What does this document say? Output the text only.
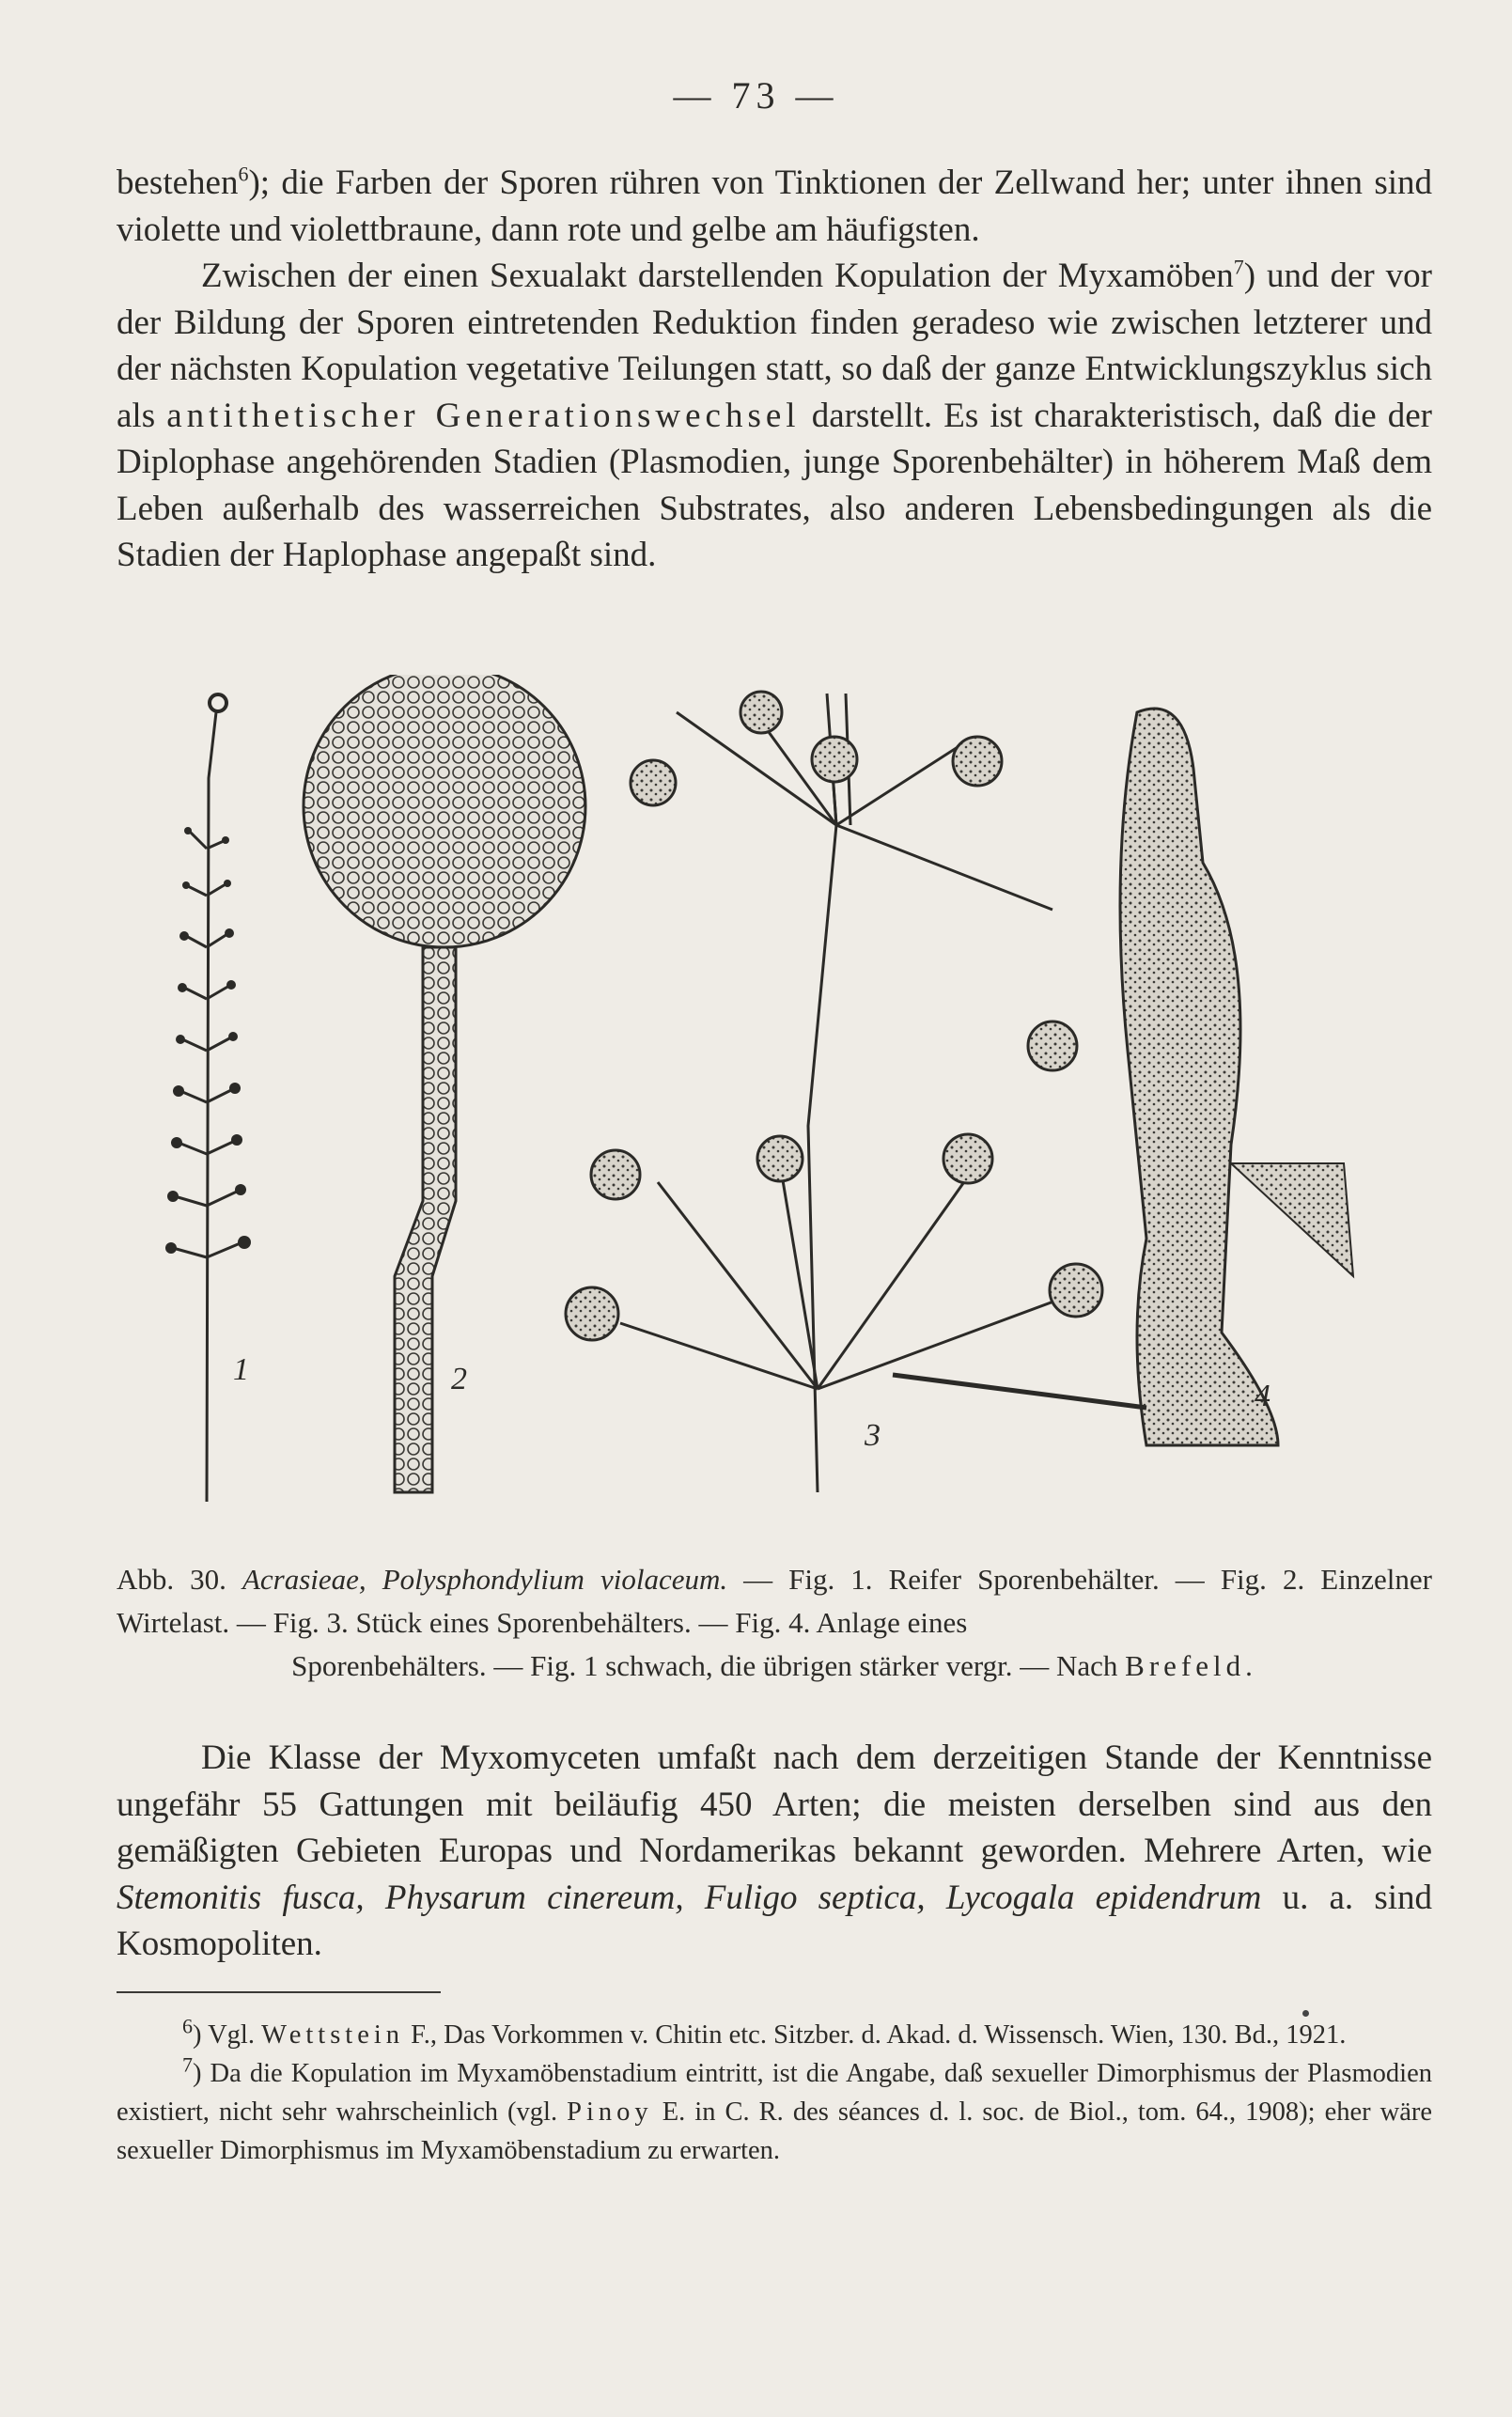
— 73 —

bestehen$^6$); die Farben der Sporen rühren von Tinktionen der Zellwand her; unter ihnen sind violette und violettbraune, dann rote und gelbe am häufigsten.

Zwischen der einen Sexualakt darstellenden Kopulation der Myxamöben$^7$) und der vor der Bildung der Sporen eintretenden Reduktion finden geradeso wie zwischen letzterer und der nächsten Kopulation vegetative Teilungen statt, so daß der ganze Entwicklungszyklus sich als antithetischer Generationswechsel darstellt. Es ist charakteristisch, daß die der Diplophase angehörenden Stadien (Plasmodien, junge Sporenbehälter) in höherem Maß dem Leben außerhalb des wasserreichen Substrates, also anderen Lebensbedingungen als die Stadien der Haplophase angepaßt sind.

1	2
3
4

Abb. 30. Acrasieae, Polysphondylium violaceum. — Fig. 1. Reifer Sporenbehälter. — Fig. 2. Einzelner Wirtelast. — Fig. 3. Stück eines Sporenbehälters. — Fig. 4. Anlage eines

Sporenbehälters. — Fig. 1 schwach, die übrigen stärker vergr. — Nach Brefeld.

Die Klasse der Myxomyceten umfaßt nach dem derzeitigen Stande der Kenntnisse ungefähr 55 Gattungen mit beiläufig 450 Arten; die meisten derselben sind aus den gemäßigten Gebieten Europas und Nordamerikas bekannt geworden. Mehrere Arten, wie Stemonitis fusca, Physarum cinereum, Fuligo septica, Lycogala epidendrum u. a. sind Kosmopoliten.

$^6$) Vgl. Wettstein F., Das Vorkommen v. Chitin etc. Sitzber. d. Akad. d. Wissensch. Wien, 130. Bd., 1921.

$^7$) Da die Kopulation im Myxamöbenstadium eintritt, ist die Angabe, daß sexueller Dimorphismus der Plasmodien existiert, nicht sehr wahrscheinlich (vgl. Pinoy E. in C. R. des séances d. l. soc. de Biol., tom. 64., 1908); eher wäre sexueller Dimorphismus im Myxamöbenstadium zu erwarten.
